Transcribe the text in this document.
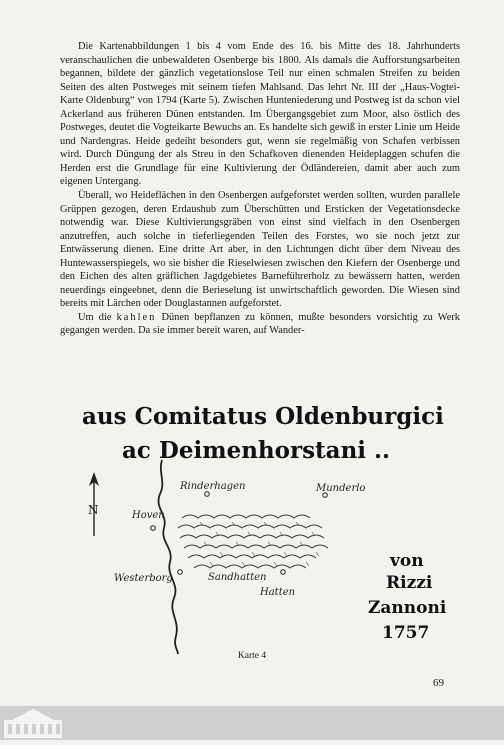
Die Kartenabbildungen 1 bis 4 vom Ende des 16. bis Mitte des 18. Jahrhunderts veranschaulichen die unbewaldeten Osenberge bis 1800. Als damals die Aufforstungsarbeiten begannen, bildete der gänzlich vegetationslose Teil nur einen schmalen Streifen zu beiden Seiten des alten Postweges mit seinem tiefen Mahlsand. Das lehrt Nr. III der „Haus-Vogtei-Karte Oldenburg“ von 1794 (Karte 5). Zwischen Hunteniederung und Postweg ist da schon viel Ackerland aus früheren Dünen entstanden. Im Übergangsgebiet zum Moor, also östlich des Postweges, deutet die Vogteikarte Bewuchs an. Es handelte sich gewiß in erster Linie um Heide und Nardengras. Heide gedeiht besonders gut, wenn sie regelmäßig von Schafen verbissen wird. Durch Düngung der als Streu in den Schafkoven dienenden Heideplaggen schufen die Herden erst die Grundlage für eine Kultivierung der Ödländereien, damit aber auch zum eigenen Untergang.

Überall, wo Heideflächen in den Osenbergen aufgeforstet werden sollten, wurden parallele Grüppen gezogen, deren Erdaushub zum Überschütten und Ersticken der Vegetationsdecke notwendig war. Diese Kultivierungsgräben von einst sind vielfach in den Osenbergen anzutreffen, auch solche in tieferliegenden Teilen des Forstes, wo sie noch jetzt zur Entwässerung dienen. Eine dritte Art aber, in den Lichtungen dicht über dem Niveau des Huntewasserspiegels, wo sie bisher die Rieselwiesen zwischen den Kiefern der Osenberge und den Eichen des alten gräflichen Jagdgebietes Barneführerholz zu bewässern hatten, werden neuerdings eingeebnet, denn die Berieselung ist unwirtschaftlich geworden. Die Wiesen sind bereits mit Lärchen oder Douglastannen aufgeforstet.

Um die kahlen Dünen bepflanzen zu können, mußte besonders vorsichtig zu Werk gegangen werden. Da sie immer bereit waren, auf Wander-

aus Comitatus Oldenburgici
ac Deimenhorstani ..
N
Rinderhagen	Munderlo
Hoven
Westerborg	Sandhatten
Hatten
von
Rizzi
Zannoni
1757
Karte 4
69
